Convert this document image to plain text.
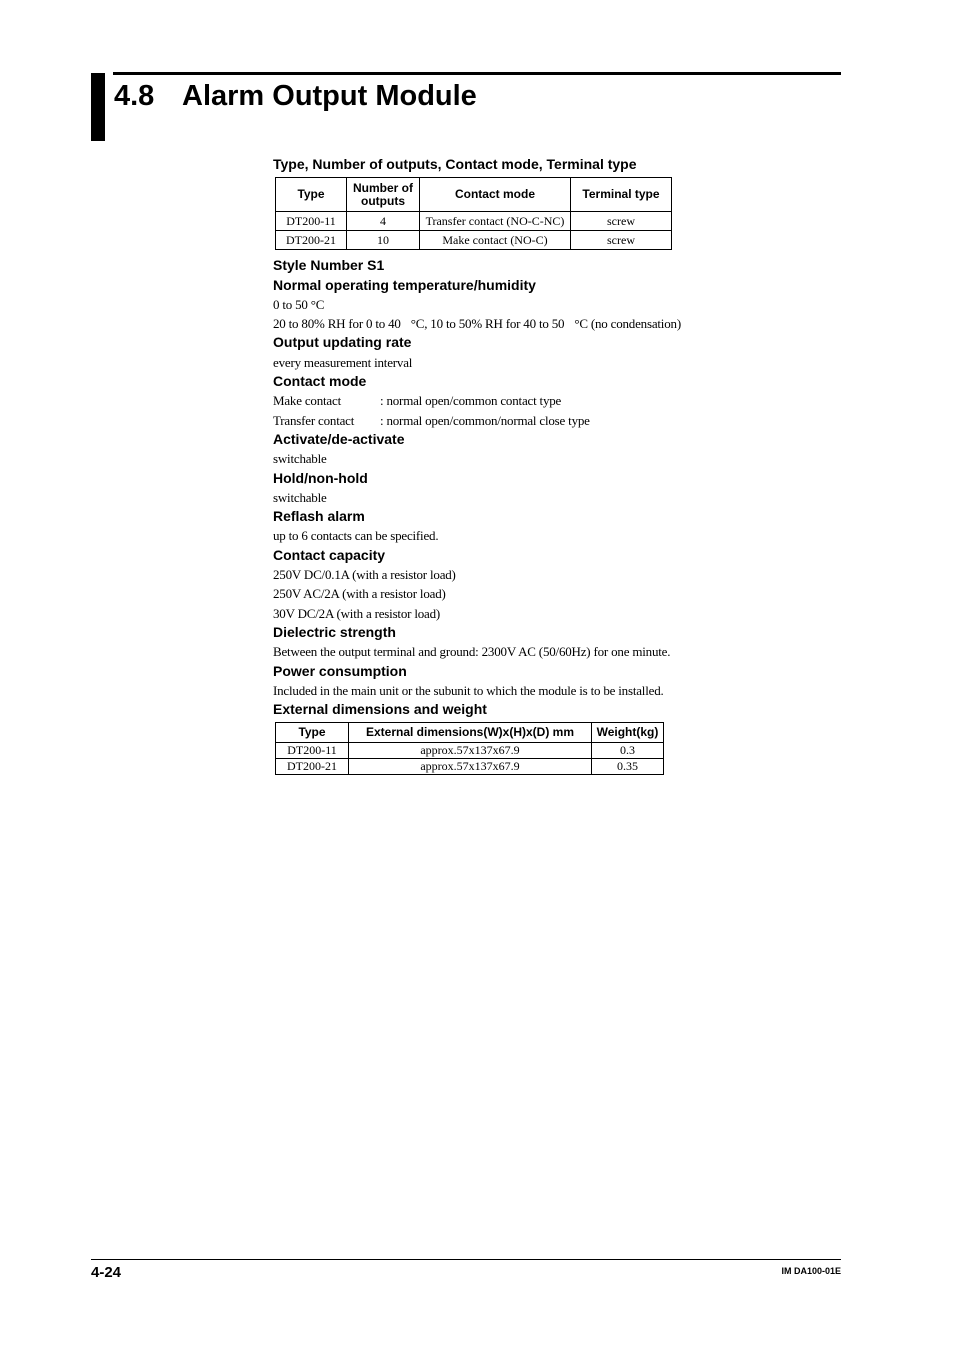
4.8 Alarm Output Module
Type, Number of outputs, Contact mode, Terminal type
Type	Number of outputs	Contact mode	Terminal type
DT200-11	4	Transfer contact (NO-C-NC)	screw
DT200-21	10	Make contact (NO-C)	screw
Style Number S1
Normal operating temperature/humidity
0 to 50 °C
20 to 80% RH for 0 to 40 °C, 10 to 50% RH for 40 to 50 °C (no condensation)
Output updating rate
every measurement interval
Contact mode
Make contact	: normal open/common contact type
Transfer contact : normal open/common/normal close type
Activate/de-activate
switchable
Hold/non-hold
switchable
Reflash alarm
up to 6 contacts can be specified.
Contact capacity
250V DC/0.1A (with a resistor load)
250V AC/2A (with a resistor load)
30V DC/2A (with a resistor load)
Dielectric strength
Between the output terminal and ground: 2300V AC (50/60Hz) for one minute.
Power consumption
Included in the main unit or the subunit to which the module is to be installed.
External dimensions and weight
Type	External dimensions(W)x(H)x(D) mm	Weight(kg)
DT200-11	approx.57x137x67.9	0.3
DT200-21	approx.57x137x67.9	0.35
4-24	IM DA100-01E
